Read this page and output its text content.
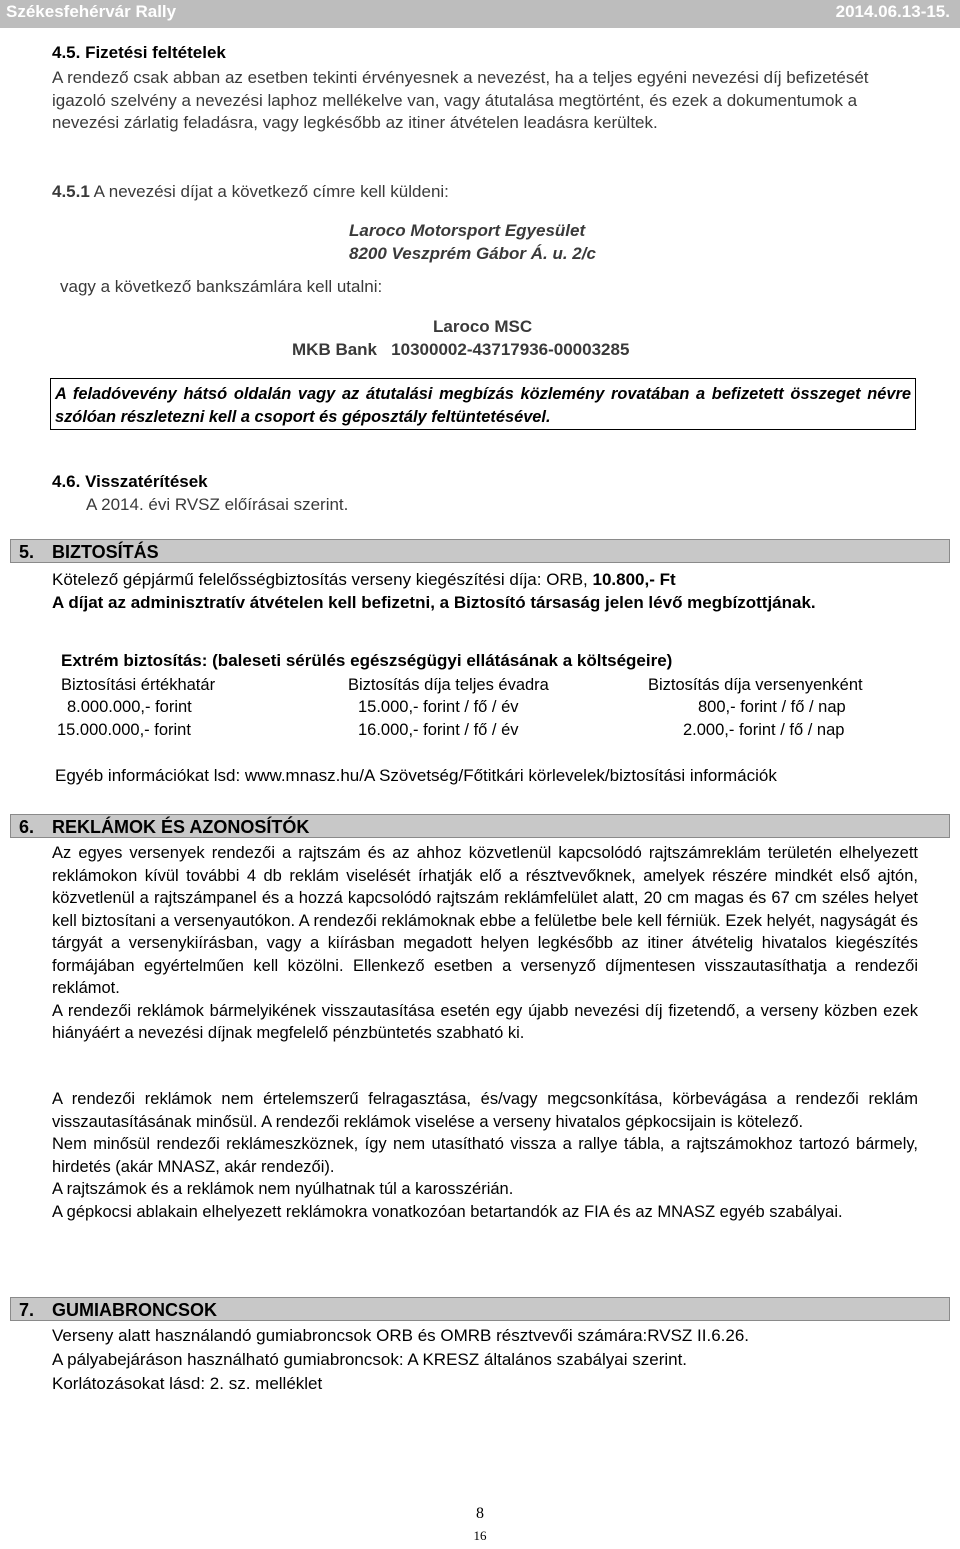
Székesfehérvár Rally	2014.06.13-15.
4.5. Fizetési feltételek
A rendező csak abban az esetben tekinti érvényesnek a nevezést, ha a teljes egyéni nevezési díj befizetését igazoló szelvény a nevezési laphoz mellékelve van, vagy átutalása megtörtént, és ezek a dokumentumok a nevezési zárlatig feladásra, vagy legkésőbb az itiner átvételen leadásra kerültek.
4.5.1 A nevezési díjat a következő címre kell küldeni:
Laroco Motorsport Egyesület
8200 Veszprém Gábor Á. u. 2/c
vagy a következő bankszámlára kell utalni:
Laroco MSC
MKB Bank   10300002-43717936-00003285

A feladóvevény hátsó oldalán vagy az átutalási megbízás közlemény rovatában a befizetett összeget névre szólóan részletezni kell a csoport és géposztály feltüntetésével.

4.6. Visszatérítések
A 2014. évi RVSZ előírásai szerint.
5. BIZTOSÍTÁS
Kötelező gépjármű felelősségbiztosítás verseny kiegészítési díja: ORB, 10.800,- Ft
A díjat az adminisztratív átvételen kell befizetni, a Biztosító társaság jelen lévő megbízottjának.
Extrém biztosítás: (baleseti sérülés egészségügyi ellátásának a költségeire)
Biztosítási értékhatár	Biztosítás díja teljes évadra	Biztosítás díja versenyenként
8.000.000,- forint	15.000,- forint / fő / év	800,- forint / fő / nap
15.000.000,- forint	16.000,- forint / fő / év	2.000,- forint / fő / nap
Egyéb információkat lsd: www.mnasz.hu/A Szövetség/Főtitkári körlevelek/biztosítási információk
6. REKLÁMOK ÉS AZONOSÍTÓK

Az egyes versenyek rendezői a rajtszám és az ahhoz közvetlenül kapcsolódó rajtszámreklám területén elhelyezett reklámokon kívül további 4 db reklám viselését írhatják elő a résztvevőknek, amelyek részére mindkét első ajtón, közvetlenül a rajtszámpanel és a hozzá kapcsolódó rajtszám reklámfelület alatt, 20 cm magas és 67 cm széles helyet kell biztosítani a versenyautókon. A rendezői reklámoknak ebbe a felületbe bele kell férniük. Ezek helyét, nagyságát és tárgyát a versenykiírásban, vagy a kiírásban megadott helyen legkésőbb az itiner átvételig hivatalos kiegészítés formájában egyértelműen kell közölni. Ellenkező esetben a versenyző díjmentesen visszautasíthatja a rendezői reklámot.

A rendezői reklámok bármelyikének visszautasítása esetén egy újabb nevezési díj fizetendő, a verseny közben ezek hiányáért a nevezési díjnak megfelelő pénzbüntetés szabható ki.

A rendezői reklámok nem értelemszerű felragasztása, és/vagy megcsonkítása, körbevágása a rendezői reklám visszautasításának minősül. A rendezői reklámok viselése a verseny hivatalos gépkocsijain is kötelező.

Nem minősül rendezői reklámeszköznek, így nem utasítható vissza a rallye tábla, a rajtszámokhoz tartozó bármely, hirdetés (akár MNASZ, akár rendezői).

A rajtszámok és a reklámok nem nyúlhatnak túl a karosszérián.

A gépkocsi ablakain elhelyezett reklámokra vonatkozóan betartandók az FIA és az MNASZ egyéb szabályai.

7. GUMIABRONCSOK
Verseny alatt használandó gumiabroncsok ORB és OMRB résztvevői számára:RVSZ II.6.26.
A pályabejáráson használható gumiabroncsok: A KRESZ általános szabályai szerint.
Korlátozásokat lásd: 2. sz. melléklet
8
16
